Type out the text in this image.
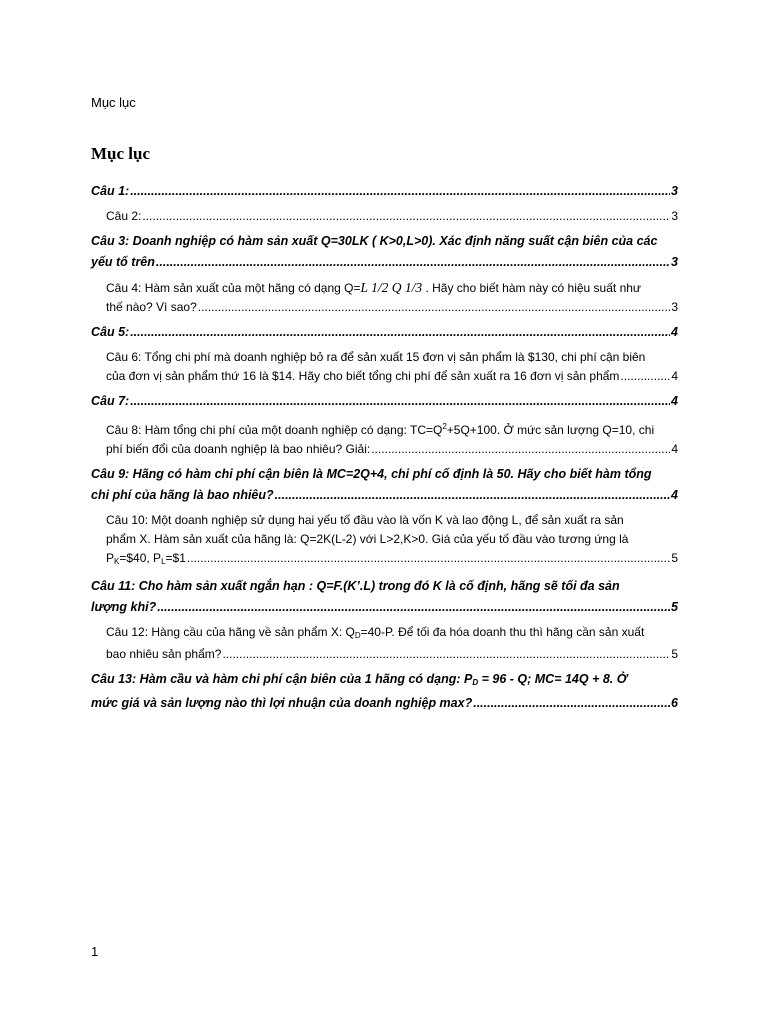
Mục lục
Mục lục
Câu 1: .....	3
Câu 2: .....	3
Câu 3: Doanh nghiệp có hàm sản xuất Q=30LK ( K>0,L>0). Xác định năng suất cận biên của các
yếu tố trên .....	3
Câu 4: Hàm sản xuất của một hãng có dạng Q=L 1/2 Q 1/3 . Hãy cho biết hàm này có hiệu suất như
thế nào? Vì sao? .....	3
Câu 5: .....	4
Câu 6: Tổng chi phí mà doanh nghiệp bỏ ra để sản xuất 15 đơn vị sản phẩm là $130, chi phí cận biên
của đơn vị sản phẩm thứ 16 là $14. Hãy cho biết tổng chi phí để sản xuất ra 16 đơn vị sản phẩm .....	4
Câu 7: .....	4
Câu 8: Hàm tổng chi phí của một doanh nghiệp có dạng: $TC=Q^2+5Q+100$. Ở mức sản lượng Q=10, chi
phí biến đổi của doanh nghiệp là bao nhiêu? Giải: .....	4
Câu 9: Hãng có hàm chi phí cận biên là MC=2Q+4, chi phí cố định là 50. Hãy cho biết hàm tổng
chi phí của hãng là bao nhiêu? .....	4
Câu 10: Một doanh nghiệp sử dụng hai yếu tố đầu vào là vốn K và lao động L, để sản xuất ra sản
phẩm X. Hàm sản xuất của hãng là: Q=2K(L-2) với L>2,K>0. Giá của yếu tố đầu vào tương ứng là
$P_K=\$40$, $P_L=\$1$ .....	5
Câu 11: Cho hàm sản xuất ngắn hạn : Q=F.(K’.L) trong đó K là cố định, hãng sẽ tối đa sản
lượng khi? .....	5
Câu 12: Hàng cầu của hãng về sản phẩm X: $Q_D=40-P$. Để tối đa hóa doanh thu thì hãng cần sản xuất
bao nhiêu sản phẩm? .....	5
Câu 13: Hàm cầu và hàm chi phí cận biên của 1 hãng có dạng: $P_D = 96 - Q$; MC= 14Q + 8. Ở
mức giá và sản lượng nào thì lợi nhuận của doanh nghiệp max? .....	6
1
